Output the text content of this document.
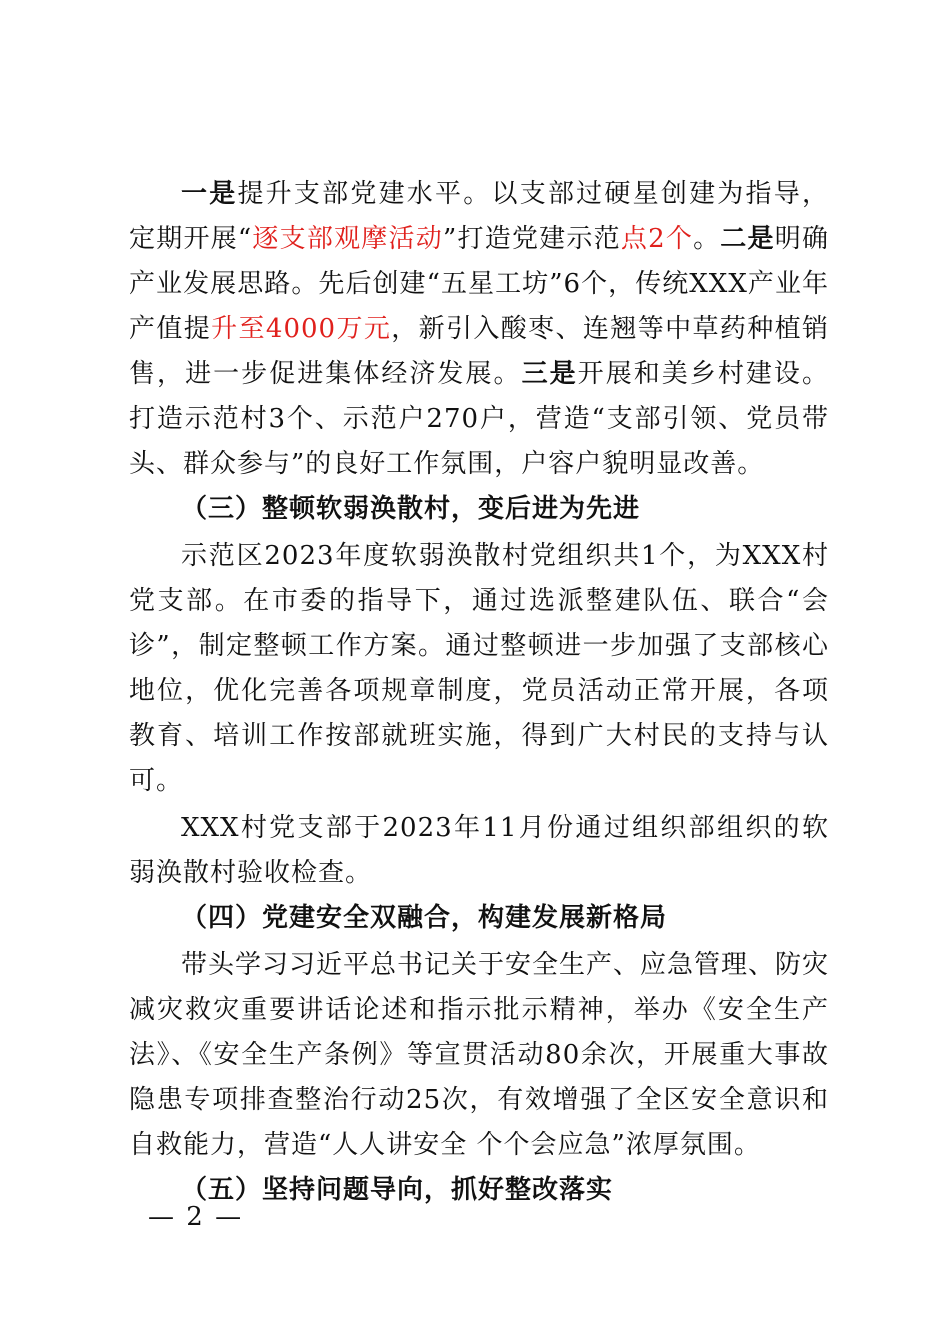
一是提升支部党建水平。以支部过硬星创建为指导，定期开展“逐支部观摩活动”打造党建示范点2个。二是明确产业发展思路。先后创建“五星工坊”6个，传统XXX产业年产值提升至4000万元，新引入酸枣、连翘等中草药种植销售，进一步促进集体经济发展。三是开展和美乡村建设。打造示范村3个、示范户270户，营造“支部引领、党员带头、群众参与”的良好工作氛围，户容户貌明显改善。

（三）整顿软弱涣散村，变后进为先进

示范区2023年度软弱涣散村党组织共1个，为XXX村党支部。在市委的指导下，通过选派整建队伍、联合“会诊”，制定整顿工作方案。通过整顿进一步加强了支部核心地位，优化完善各项规章制度，党员活动正常开展，各项教育、培训工作按部就班实施，得到广大村民的支持与认可。

XXX村党支部于2023年11月份通过组织部组织的软弱涣散村验收检查。

（四）党建安全双融合，构建发展新格局

带头学习习近平总书记关于安全生产、应急管理、防灾减灾救灾重要讲话论述和指示批示精神，举办《安全生产法》、《安全生产条例》等宣贯活动80余次，开展重大事故隐患专项排查整治行动25次，有效增强了全区安全意识和自救能力，营造“人人讲安全 个个会应急”浓厚氛围。

（五）坚持问题导向，抓好整改落实

— 2 —
